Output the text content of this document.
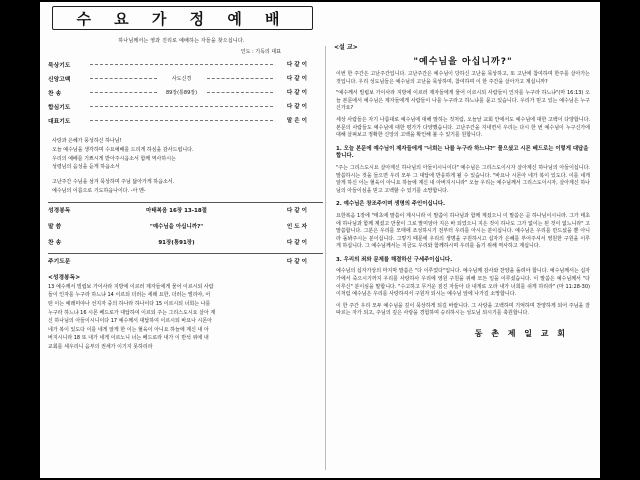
수 요 가 정 예 배
하나님께서는 영과 진리로 예배하는 자들을 찾으십니다.
인도 : 기독의 대표
묵상기도	다 같 이
신앙고백	사도신경	다 같 이
찬 송	89장(통89장)	다 같 이
합심기도	다 같 이
대표기도	맡 은 이
사랑과 은혜가 풍성하신 하나님!
오늘 예수님을 생각하며 수요예배를 드리게 하심을 감사드립니다.
우리의 예배를 기쁘시게 받아주시옵소서 함께 역사하시는
성령님의 음성을 듣게 하옵소서
고난주간 수님을 섬겨 묵상하며 주님 닮아가게 하옵소서.
예수님의 이름으로 기도하옵나이다. -아 멘-
성경봉독	마태복음 16장 13-18절	다 같 이
말 씀	"예수님을 아십니까?"	인 도 자
찬 송	91장(통91장)	다 같 이
주기도문	다 같 이
<성경봉독>
13 예수께서 빌립보 가이사라 지방에 이르러 제자들에게 물어 이르시되 사람
들이 인자를 누구라 하느냐 14 이르되 더러는 세례 요한, 더러는 엘리야, 어
떤 이는 예레미야나 선지자 중의 하나라 하나이다 15 이르시되 너희는 나를
누구라 하느냐 16 시몬 베드로가 대답하여 이르되 주는 그리스도시요 살아 계
신 하나님의 아들이시니이다 17 예수께서 대답하여 이르시되 바요나 시몬아
네가 복이 있도다 이를 네게 알게 한 이는 혈육이 아니요 하늘에 계신 내 아
버지시니라 18 또 내가 네게 이르노니 너는 베드로라 내가 이 반석 위에 내
교회를 세우리니 음부의 권세가 이기지 못하리라
<설 교>
"예수님을 아십니까?"
이번 한 주간은 고난주간입니다. 고난주간은 예수님이 당하신 고난을 묵상하고, 또 고난에 참여하며 한주를 살아가는 것입니다. 우리 성도님들은 예수님의 고난을 묵상하며, 참여하며 이 한 주간을 살아가고 계십니까?
"예수께서 빌립보 가이사라 지방에 이르러 제자들에게 물어 이르시되 사람들이 인자를 누구라 하느냐"(마 16:13) 오늘 본문에서 예수님은 제자들에게 사람들이 나를 누구라고 하느냐를 묻고 있습니다. 우리가 믿고 있는 예수님은 누구신가요?
세상 사람들은 자기 나름대로 예수님에 대해 말하는 것처럼, 오늘날 교회 안에서도 예수님에 대한 고백이 다양합니다. 본문의 사람들도 예수님에 대한 평가가 다양했습니다. 고난주간을 지내면서 우리는 다시 한 번 예수님이 누구신가에 대해 살펴보고 정확한 신앙의 고백을 확인해 볼 수 있기를 원합니다.
1. 오늘 본문에 예수님이 제자들에게 "너희는 나를 누구라 하느냐?" 물으셨고 시몬 베드로는 이렇게 대답을 합니다.
"주는 그리스도시요 살아계신 하나님의 아들이시니이다" 예수님은 그리스도이시자 살아계신 하나님의 아들이십니다. 말씀하시는 것을 들으면 우리 모두 그 대답에 반응하게 될 수 있습니다. "바요나 시몬아 네가 복이 있도다. 이를 네게 알게 하신 이는 혈육이 아니요 하늘에 계신 내 아버지시니라" 오늘 우리는 예수님께서 그리스도이시자, 살아계신 하나님의 아들이심을 믿고 고백할 수 있기를 소망합니다.
2. 예수님은 창조주이며 생명의 주인이십니다.
요한복음 1장에 "태초에 말씀이 계시니라 이 말씀이 하나님과 함께 계셨으니 이 말씀은 곧 하나님이시니라. 그가 태초에 하나님과 함께 계셨고 만물이 그로 말미암아 지은 바 되었으니 지은 것이 하나도 그가 없이는 된 것이 없느니라" 고 말씀합니다. 그분은 우리를 모태에 조성하시기 전부터 우리를 아시는 분이십니다. 예수님은 우리를 만드셨을 뿐 아니라 돌봐주시는 분이십니다. 그렇기 때문에 우리의 생명을 구원하시고 십자가 은혜를 부어주셔서 영원한 구원을 이루게 하십니다. 그 예수님께서는 지금도 우리와 함께하시며 우리를 돕기 위해 역사하고 계십니다.
3. 우리의 죄와 문제를 해결하신 구세주이십니다.
예수님의 십자가상의 마지막 말씀은 "다 이루었다"입니다. 예수님께 감사와 찬양을 돌려야 합니다. 예수님께서는 십자가에서 죽으시기까지 우리를 사랑하사 우리에 영원 구원을 위해 모든 일을 이루셨습니다. 이 말씀은 예수님께서 "다 이루신" 분이심을 말합니다. "수고하고 무거운 짐진 자들아 다 내게로 오라 내가 너희를 쉬게 하리라" (마 11:28-30) 이처럼 예수님은 우리를 사랑하셔서 구원자 되시는 예수님 앞에 나가길 소망합니다.
이 한 주간 우리 모두 예수님을 깊이 묵상하게 되길 바랍니다. 그 사랑을 고백하며 기억하며 찬양하게 되어 주님을 잘 따르는 자가 되고, 주님의 깊은 사랑을 경험하며 승리하시는 성도님 되시기를 축원합니다.
동 촌 제 일 교 회
